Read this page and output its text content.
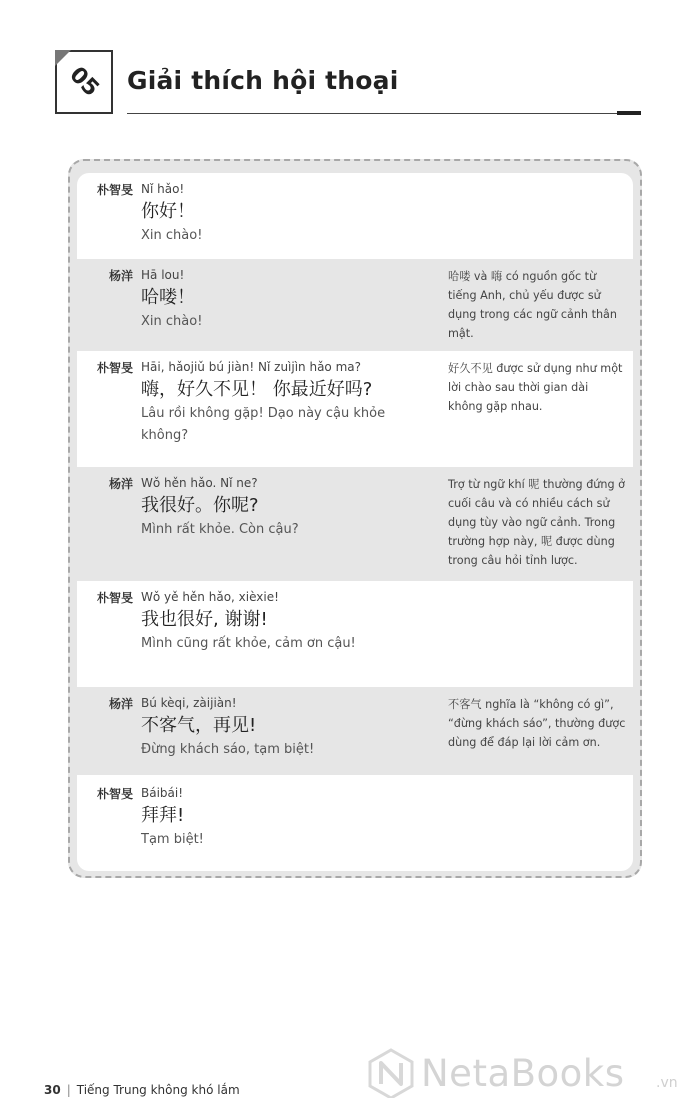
05 Giải thích hội thoại
朴智旻 Nǐ hǎo!
你好！
Xin chào!
杨洋 Hā lou!
哈喽！
Xin chào!
哈喽 và 嗨 có nguồn gốc từ tiếng Anh, chủ yếu được sử dụng trong các ngữ cảnh thân mật.
朴智旻 Hāi, hǎojiǔ bú jiàn! Nǐ zuìjìn hǎo ma?
嗨，好久不见！ 你最近好吗?
Lâu rồi không gặp! Dạo này cậu khỏe không?
好久不见 được sử dụng như một lời chào sau thời gian dài không gặp nhau.
杨洋 Wǒ hěn hǎo. Nǐ ne?
我很好。你呢?
Mình rất khỏe. Còn cậu?
Trợ từ ngữ khí 呢 thường đứng ở cuối câu và có nhiều cách sử dụng tùy vào ngữ cảnh. Trong trường hợp này, 呢 được dùng trong câu hỏi tỉnh lược.
朴智旻 Wǒ yě hěn hǎo, xièxie!
我也很好, 谢谢!
Mình cũng rất khỏe, cảm ơn cậu!
杨洋 Bú kèqi, zàijiàn!
不客气，再见!
Đừng khách sáo, tạm biệt!
不客气 nghĩa là “không có gì”, “đừng khách sáo”, thường được dùng để đáp lại lời cảm ơn.
朴智旻 Báibái!
拜拜!
Tạm biệt!
30 | Tiếng Trung không khó lắm	NetaBooks .vn
